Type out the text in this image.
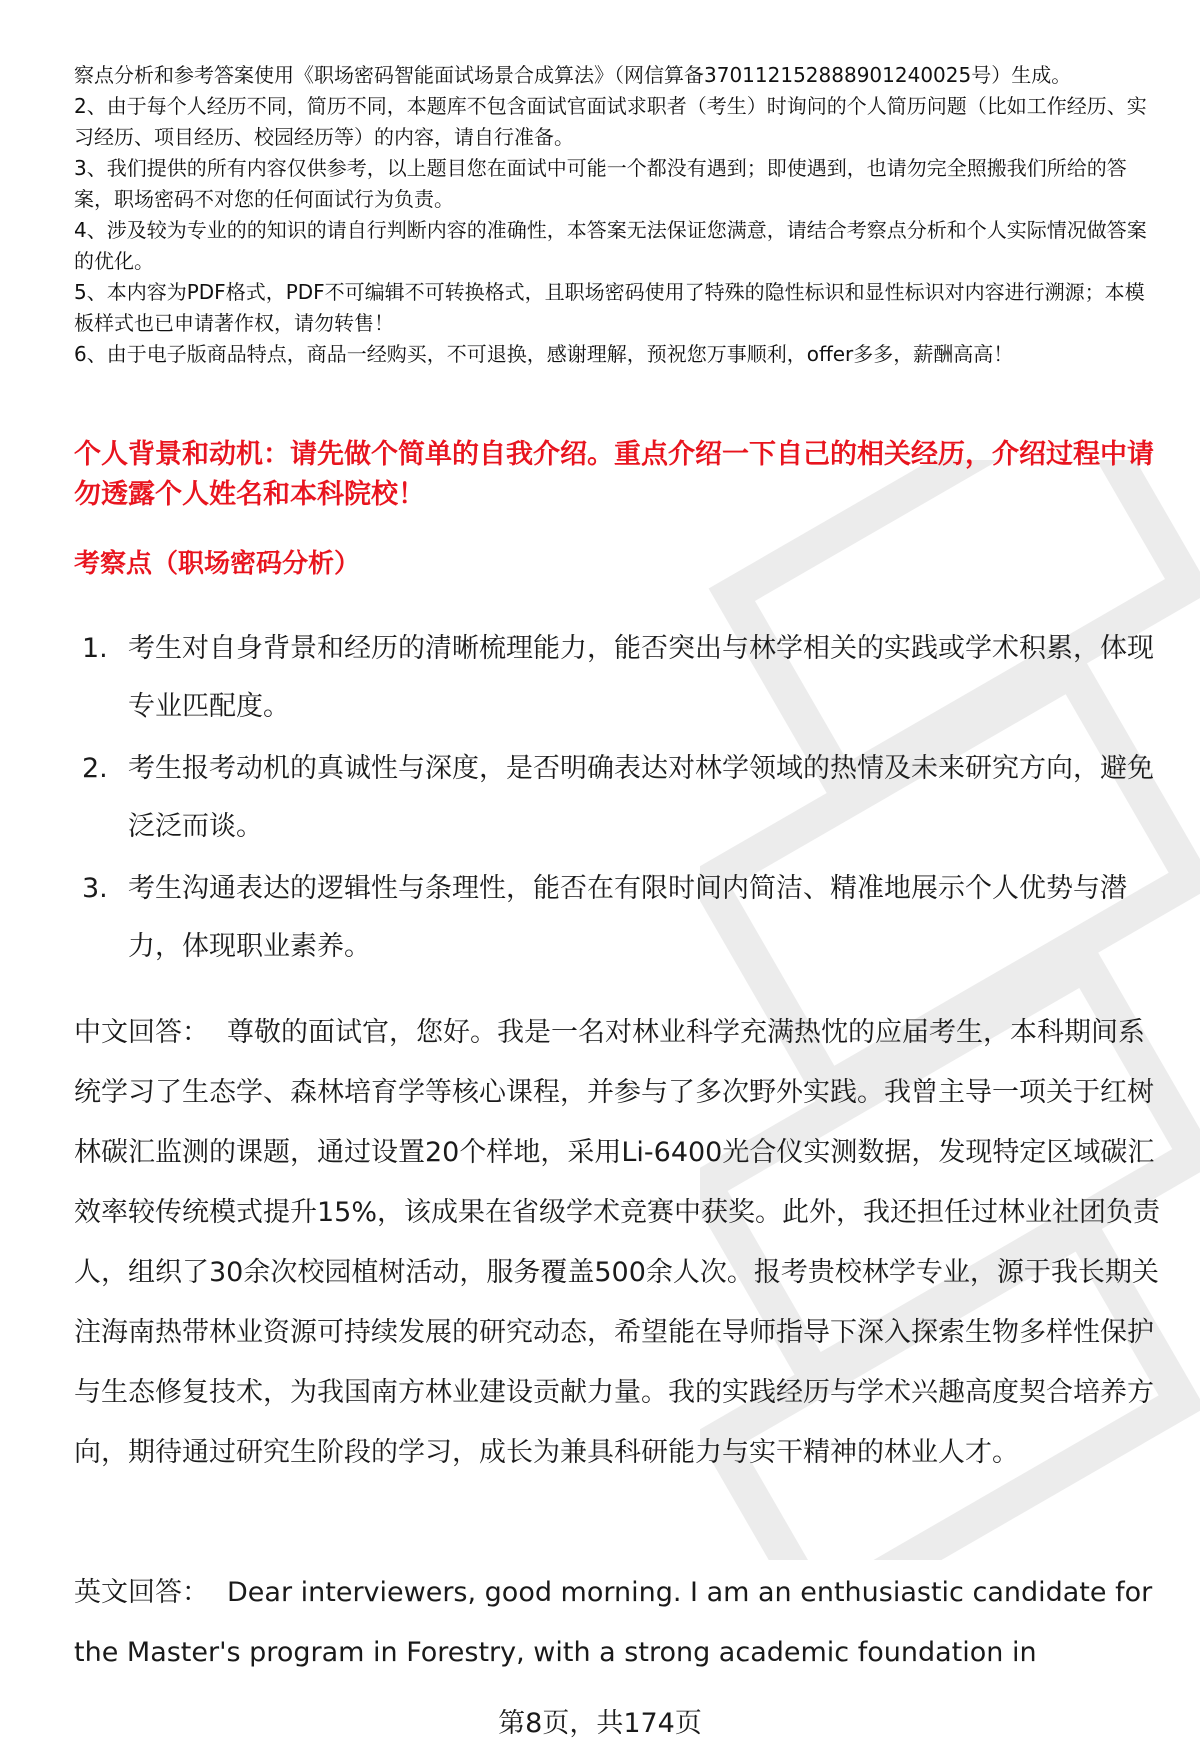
察点分析和参考答案使用《职场密码智能面试场景合成算法》（网信算备370112152888901240025号）生成。

2、由于每个人经历不同，简历不同，本题库不包含面试官面试求职者（考生）时询问的个人简历问题（比如工作经历、实习经历、项目经历、校园经历等）的内容，请自行准备。

3、我们提供的所有内容仅供参考，以上题目您在面试中可能一个都没有遇到；即使遇到，也请勿完全照搬我们所给的答案，职场密码不对您的任何面试行为负责。

4、涉及较为专业的的知识的请自行判断内容的准确性，本答案无法保证您满意，请结合考察点分析和个人实际情况做答案的优化。

5、本内容为PDF格式，PDF不可编辑不可转换格式，且职场密码使用了特殊的隐性标识和显性标识对内容进行溯源；本模板样式也已申请著作权，请勿转售！

6、由于电子版商品特点，商品一经购买，不可退换，感谢理解，预祝您万事顺利，offer多多，薪酬高高！

个人背景和动机：请先做个简单的自我介绍。重点介绍一下自己的相关经历，介绍过程中请勿透露个人姓名和本科院校！
考察点（职场密码分析）
1. 考生对自身背景和经历的清晰梳理能力，能否突出与林学相关的实践或学术积累，体现专业匹配度。
2. 考生报考动机的真诚性与深度，是否明确表达对林学领域的热情及未来研究方向，避免泛泛而谈。
3. 考生沟通表达的逻辑性与条理性，能否在有限时间内简洁、精准地展示个人优势与潜力，体现职业素养。
中文回答： 尊敬的面试官，您好。我是一名对林业科学充满热忱的应届考生，本科期间系统学习了生态学、森林培育学等核心课程，并参与了多次野外实践。我曾主导一项关于红树林碳汇监测的课题，通过设置20个样地，采用Li-6400光合仪实测数据，发现特定区域碳汇效率较传统模式提升15%，该成果在省级学术竞赛中获奖。此外，我还担任过林业社团负责人，组织了30余次校园植树活动，服务覆盖500余人次。报考贵校林学专业，源于我长期关注海南热带林业资源可持续发展的研究动态，希望能在导师指导下深入探索生物多样性保护与生态修复技术，为我国南方林业建设贡献力量。我的实践经历与学术兴趣高度契合培养方向，期待通过研究生阶段的学习，成长为兼具科研能力与实干精神的林业人才。
英文回答： Dear interviewers, good morning. I am an enthusiastic candidate for the Master's program in Forestry, with a strong academic foundation in
第8页，共174页
